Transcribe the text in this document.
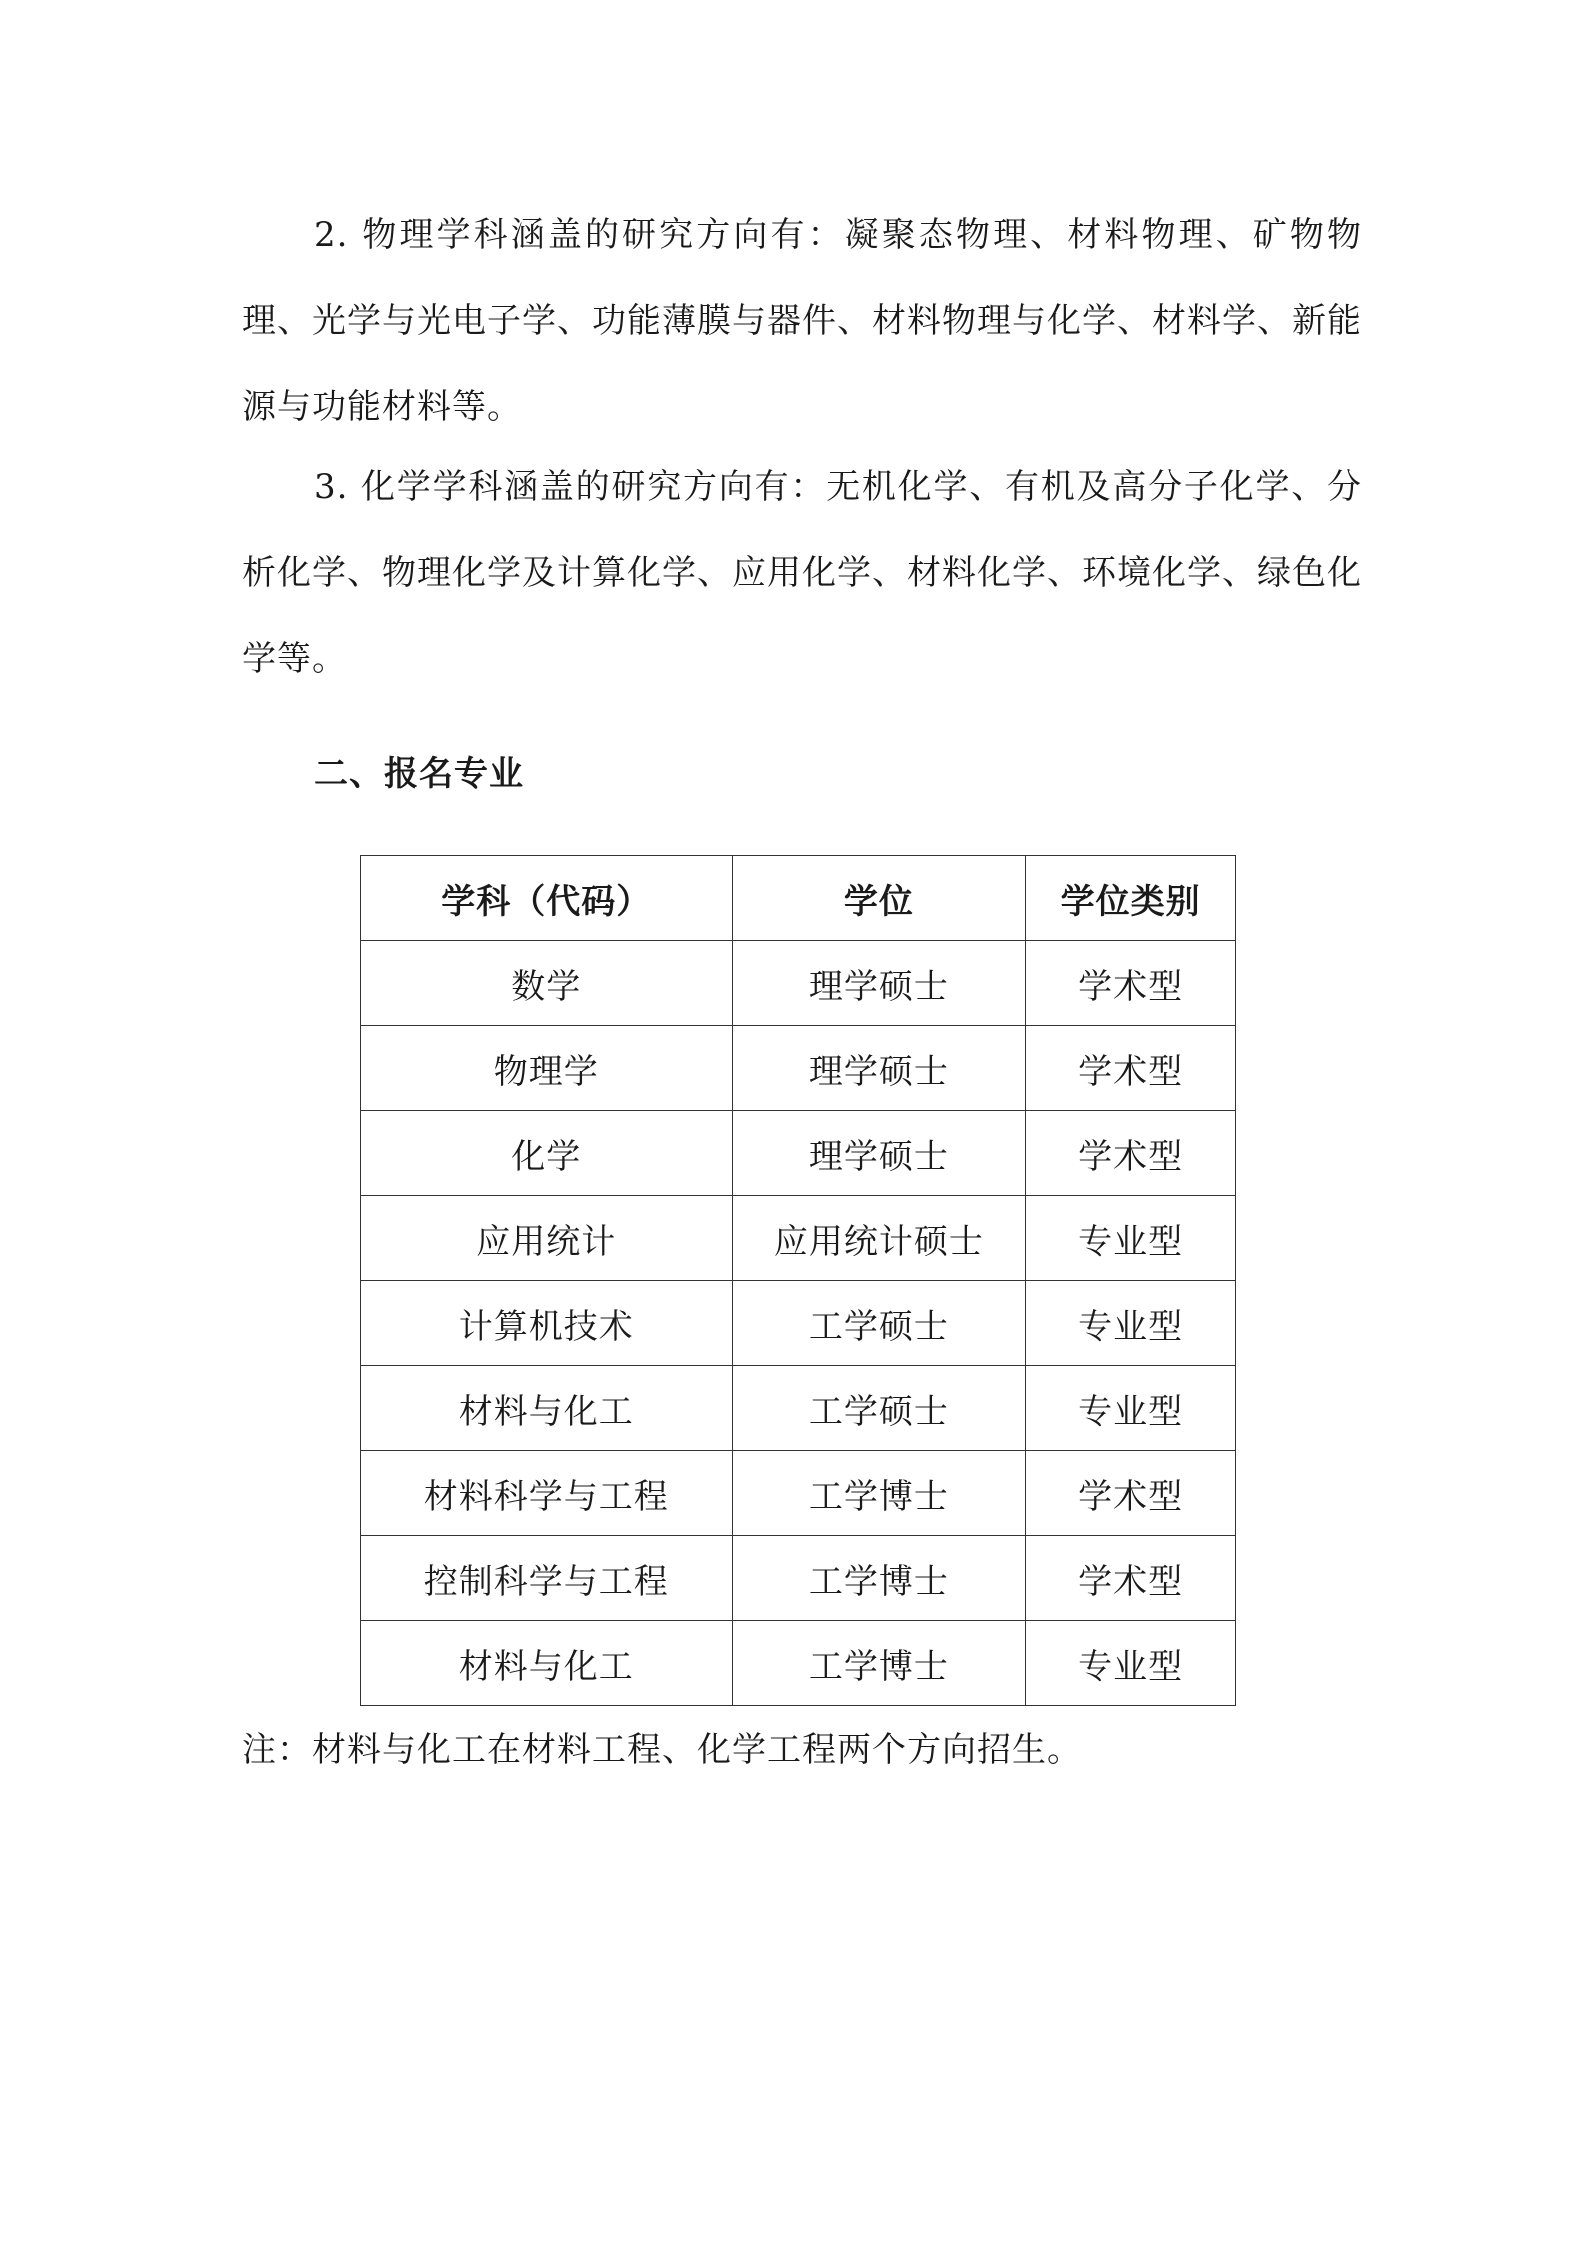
2. 物理学科涵盖的研究方向有：凝聚态物理、材料物理、矿物物理、光学与光电子学、功能薄膜与器件、材料物理与化学、材料学、新能源与功能材料等。

3. 化学学科涵盖的研究方向有：无机化学、有机及高分子化学、分析化学、物理化学及计算化学、应用化学、材料化学、环境化学、绿色化学等。

二、报名专业
学科（代码）	学位	学位类别
数学	理学硕士	学术型
物理学	理学硕士	学术型
化学	理学硕士	学术型
应用统计	应用统计硕士	专业型
计算机技术	工学硕士	专业型
材料与化工	工学硕士	专业型
材料科学与工程	工学博士	学术型
控制科学与工程	工学博士	学术型
材料与化工	工学博士	专业型

注：材料与化工在材料工程、化学工程两个方向招生。
